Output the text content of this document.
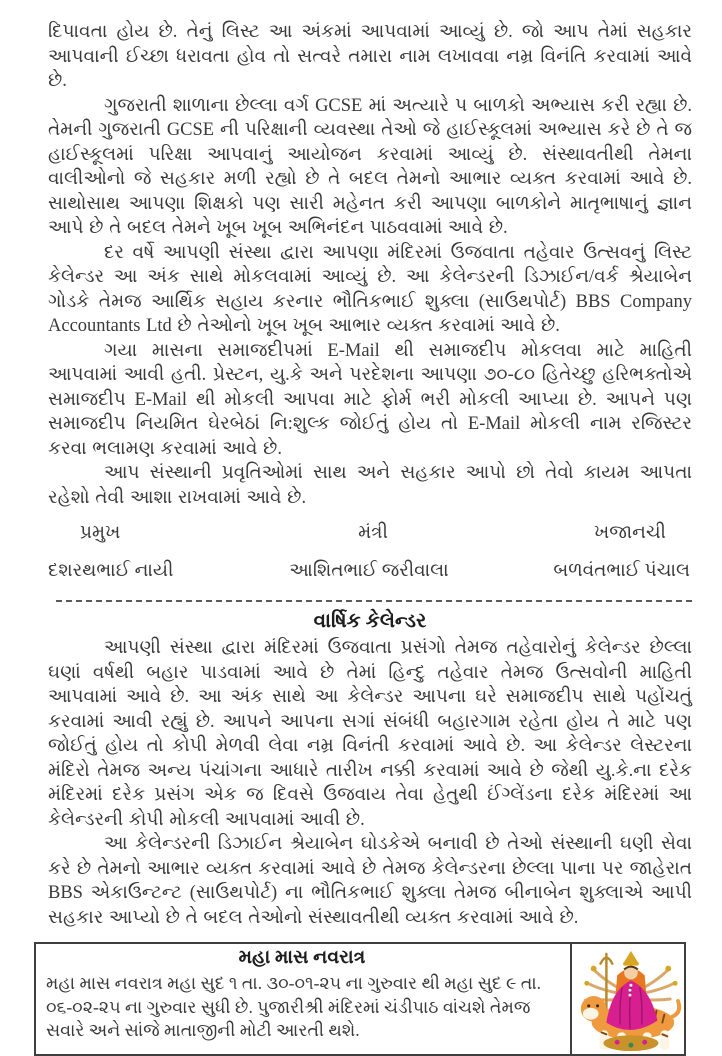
દિપાવતા હોય છે. તેનું લિસ્ટ આ અંકમાં આપવામાં આવ્યું છે. જો આપ તેમાં સહકાર આપવાની ઈચ્છા ધરાવતા હોવ તો સત્વરે તમારા નામ લખાવવા નમ્ર વિનંતિ કરવામાં આવે છે.

ગુજરાતી શાળાના છેલ્લા વર્ગ GCSE માં અત્યારે પ બાળકો અભ્યાસ કરી રહ્યા છે. તેમની ગુજરાતી GCSE ની પરિક્ષાની વ્યવસ્થા તેઓ જે હાઈસ્કૂલમાં અભ્યાસ કરે છે તે જ હાઈસ્કૂલમાં પરિક્ષા આપવાનું આયોજન કરવામાં આવ્યું છે. સંસ્થાવતીથી તેમના વાલીઓનો જે સહકાર મળી રહ્યો છે તે બદલ તેમનો આભાર વ્યક્ત કરવામાં આવે છે. સાથોસાથ આપણા શિક્ષકો પણ સારી મહેનત કરી આપણા બાળકોને માતૃભાષાનું જ્ઞાન આપે છે તે બદલ તેમને ખૂબ ખૂબ અભિનંદન પાઠવવામાં આવે છે.

દર વર્ષે આપણી સંસ્થા દ્વારા આપણા મંદિરમાં ઉજવાતા તહેવાર ઉત્સવનું લિસ્ટ કેલેન્ડર આ અંક સાથે મોકલવામાં આવ્યું છે. આ કેલેન્ડરની ડિઝાઈન/વર્ક શ્રેયાબેન ગોડકે તેમજ આર્થિક સહાય કરનાર ભૌતિકભાઈ શુક્લા (સાઉથપોર્ટ) BBS Company Accountants Ltd છે તેઓનો ખૂબ ખૂબ આભાર વ્યક્ત કરવામાં આવે છે.

ગયા માસના સમાજદીપમાં E-Mail થી સમાજદીપ મોકલવા માટે માહિતી આપવામાં આવી હતી. પ્રેસ્ટન, યુ.કે અને પરદેશના આપણા ૭૦-૮૦ હિતેચ્છુ હરિભક્તોએ સમાજદીપ E-Mail થી મોકલી આપવા માટે ફોર્મ ભરી મોકલી આપ્યા છે. આપને પણ સમાજદીપ નિયમિત ઘેરબેઠાં નિ:શુલ્ક જોઈતું હોય તો E-Mail મોકલી નામ રજિસ્ટર કરવા ભલામણ કરવામાં આવે છે.

આપ સંસ્થાની પ્રવૃતિઓમાં સાથ અને સહકાર આપો છો તેવો કાયમ આપતા રહેશો તેવી આશા રાખવામાં આવે છે.

પ્રમુખ	મંત્રી	ખજાનચી
દશરથભાઈ નાયી	આશિતભાઈ જરીવાલા	બળવંતભાઈ પંચાલ
વાર્ષિક કેલેન્ડર

આપણી સંસ્થા દ્વારા મંદિરમાં ઉજવાતા પ્રસંગો તેમજ તહેવારોનું કેલેન્ડર છેલ્લા ઘણાં વર્ષથી બહાર પાડવામાં આવે છે તેમાં હિન્દુ તહેવાર તેમજ ઉત્સવોની માહિતી આપવામાં આવે છે. આ અંક સાથે આ કેલેન્ડર આપના ઘરે સમાજદીપ સાથે પહોંચતું કરવામાં આવી રહ્યું છે. આપને આપના સગાં સંબંધી બહારગામ રહેતા હોય તે માટે પણ જોઈતું હોય તો કોપી મેળવી લેવા નમ્ર વિનંતી કરવામાં આવે છે. આ કેલેન્ડર લેસ્ટરના મંદિરો તેમજ અન્ય પંચાંગના આધારે તારીખ નક્કી કરવામાં આવે છે જેથી યુ.કે.ના દરેક મંદિરમાં દરેક પ્રસંગ એક જ દિવસે ઉજવાય તેવા હેતુથી ઈંગ્લેંડના દરેક મંદિરમાં આ કેલેન્ડરની કોપી મોકલી આપવામાં આવી છે.

આ કેલેન્ડરની ડિઝાઈન શ્રેયાબેન ઘોડકેએ બનાવી છે તેઓ સંસ્થાની ઘણી સેવા કરે છે તેમનો આભાર વ્યક્ત કરવામાં આવે છે તેમજ કેલેન્ડરના છેલ્લા પાના પર જાહેરાત BBS એકાઉન્ટન્ટ (સાઉથપોર્ટ) ના ભૌતિકભાઈ શુક્લા તેમજ બીનાબેન શુક્લાએ આપી સહકાર આપ્યો છે તે બદલ તેઓનો સંસ્થાવતીથી વ્યક્ત કરવામાં આવે છે.

મહા માસ નવરાત્ર
મહા માસ નવરાત્ર મહા સુદ ૧ તા. ૩૦-૦૧-૨૫ ના ગુરુવાર થી મહા સુદ ૯ તા. ૦૬-૦૨-૨૫ ના ગુરુવાર સુધી છે. પુજારીશ્રી મંદિરમાં ચંડીપાઠ વાંચશે તેમજ સવારે અને સાંજે માતાજીની મોટી આરતી થશે.
